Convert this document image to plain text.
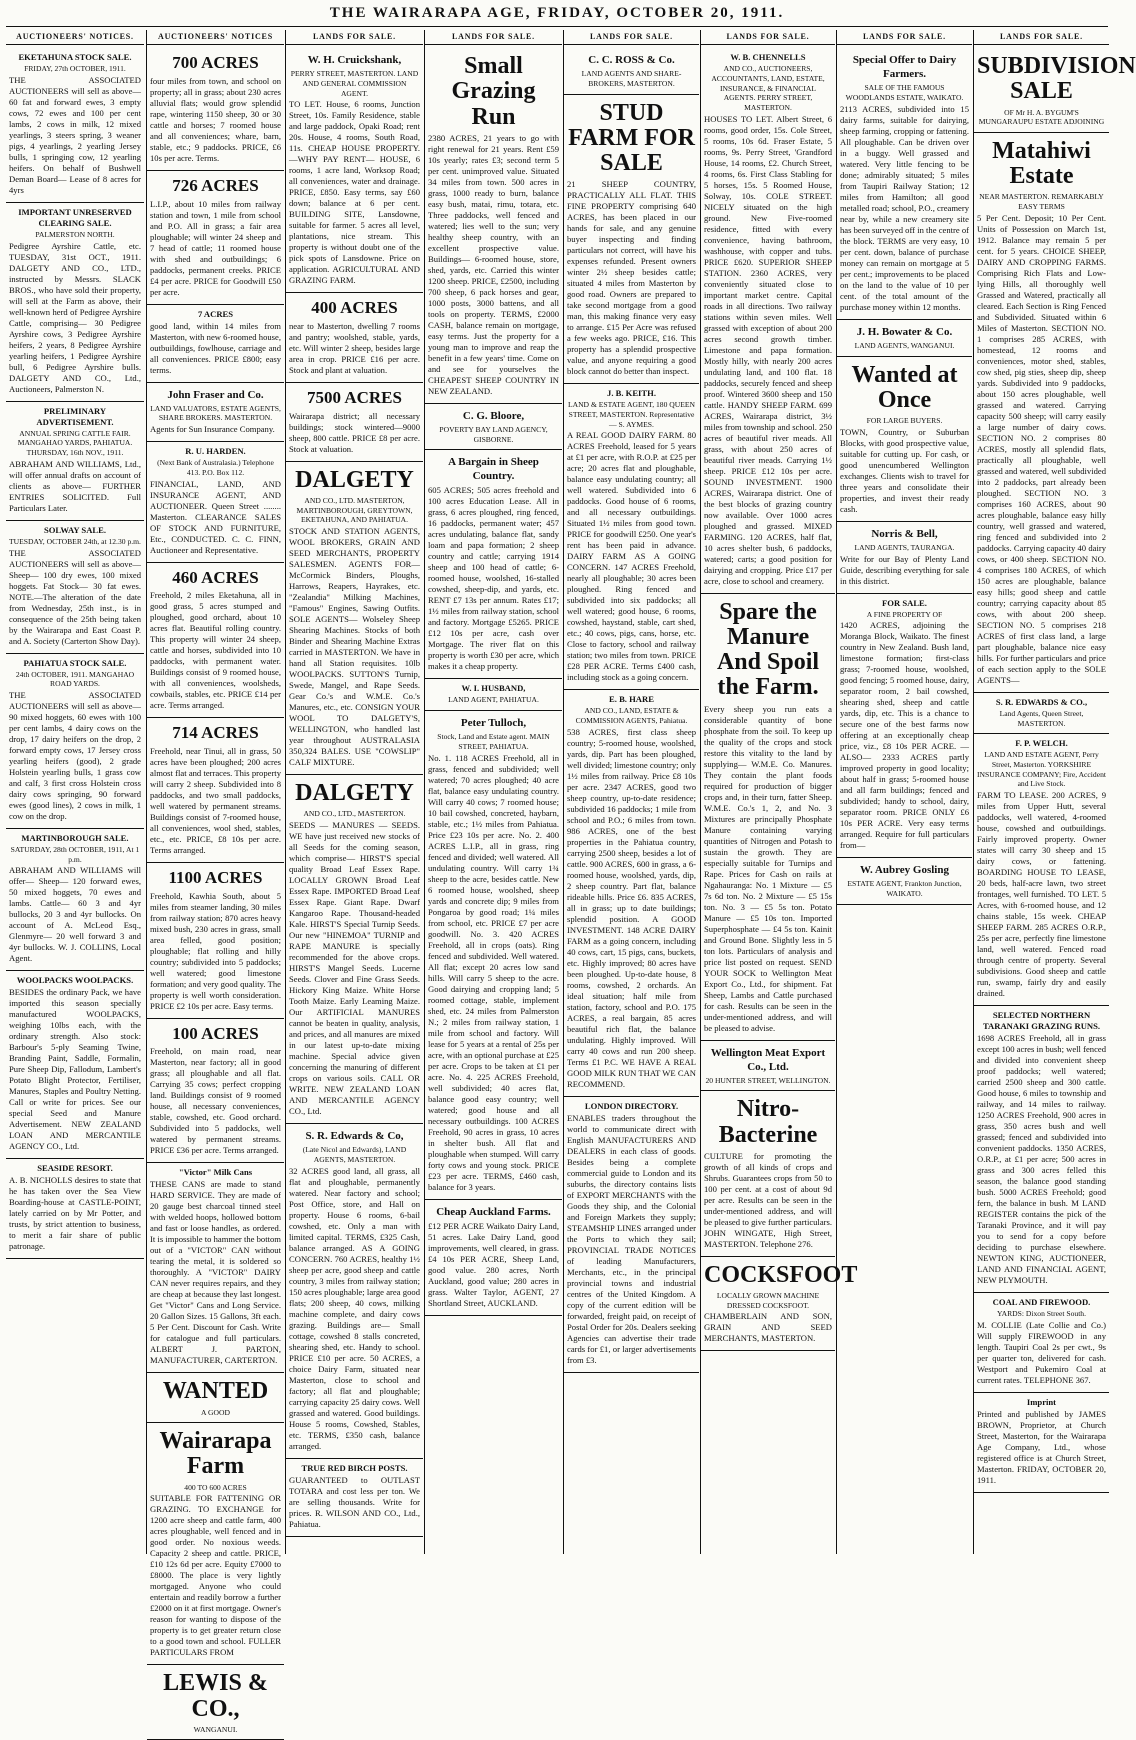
THE WAIRARAPA AGE, FRIDAY, OCTOBER 20, 1911.
AUCTIONEERS' NOTICES.
EKETAHUNA STOCK SALE.
FRIDAY, 27th OCTOBER, 1911.

THE ASSOCIATED AUCTIONEERS will sell as above— 60 fat and forward ewes, 3 empty cows, 72 ewes and 100 per cent lambs, 2 cows in milk, 12 mixed yearlings, 3 steers spring, 3 weaner pigs, 4 yearlings, 2 yearling Jersey bulls, 1 springing cow, 12 yearling heifers. On behalf of Bushwell Deman Board— Lease of 8 acres for 4yrs

IMPORTANT UNRESERVED CLEARING SALE.
PALMERSTON NORTH.

Pedigree Ayrshire Cattle, etc. TUESDAY, 31st OCT., 1911. DALGETY AND CO., LTD., instructed by Messrs. SLACK BROS., who have sold their property, will sell at the Farm as above, their well-known herd of Pedigree Ayrshire Cattle, comprising— 30 Pedigree Ayrshire cows, 3 Pedigree Ayrshire heifers, 2 years, 8 Pedigree Ayrshire yearling heifers, 1 Pedigree Ayrshire bull, 6 Pedigree Ayrshire bulls. DALGETY AND CO., Ltd., Auctioneers, Palmerston N.

PRELIMINARY ADVERTISEMENT.
ANNUAL SPRING CATTLE FAIR. MANGAHAO YARDS, PAHIATUA. THURSDAY, 16th NOV., 1911.

ABRAHAM AND WILLIAMS, Ltd., will offer annual drafts on account of clients as above— FURTHER ENTRIES SOLICITED. Full Particulars Later.

SOLWAY SALE.
TUESDAY, OCTOBER 24th, at 12.30 p.m.

THE ASSOCIATED AUCTIONEERS will sell as above— Sheep— 100 dry ewes, 100 mixed hoggets. Fat Stock— 30 fat ewes. NOTE.—The alteration of the date from Wednesday, 25th inst., is in consequence of the 25th being taken by the Wairarapa and East Coast P. and A. Society (Carterton Show Day).

PAHIATUA STOCK SALE.
24th OCTOBER, 1911. MANGAHAO ROAD YARDS.

THE ASSOCIATED AUCTIONEERS will sell as above— 90 mixed hoggets, 60 ewes with 100 per cent lambs, 4 dairy cows on the drop, 17 dairy heifers on the drop, 2 forward empty cows, 17 Jersey cross yearling heifers (good), 2 grade Holstein yearling bulls, 1 grass cow and calf, 3 first cross Holstein cross dairy cows springing, 90 forward ewes (good lines), 2 cows in milk, 1 cow on the drop.

MARTINBOROUGH SALE.
SATURDAY, 28th OCTOBER, 1911, At 1 p.m.

ABRAHAM AND WILLIAMS will offer— Sheep— 120 forward ewes, 50 mixed hoggets, 70 ewes and lambs. Cattle— 60 3 and 4yr bullocks, 20 3 and 4yr bullocks. On account of A. McLeod Esq., Glenmyre— 20 well forward 3 and 4yr bullocks. W. J. COLLINS, Local Agent.

WOOLPACKS WOOLPACKS.

BESIDES the ordinary Pack, we have imported this season specially manufactured WOOLPACKS, weighing 10lbs each, with the ordinary strength. Also stock: Barbour's 5-ply Seaming Twine, Branding Paint, Saddle, Formalin, Pure Sheep Dip, Fallodum, Lambert's Potato Blight Protector, Fertiliser, Manures, Staples and Poultry Netting. Call or write for prices. See our special Seed and Manure Advertisement. NEW ZEALAND LOAN AND MERCANTILE AGENCY CO., Ltd.

SEASIDE RESORT.

A. B. NICHOLLS desires to state that he has taken over the Sea View Boarding-house at CASTLE-POINT, lately carried on by Mr Potter, and trusts, by strict attention to business, to merit a fair share of public patronage.

AUCTIONEERS' NOTICES
700 ACRES

four miles from town, and school on property; all in grass; about 230 acres alluvial flats; would grow splendid rape, wintering 1150 sheep, 30 or 30 cattle and horses; 7 roomed house and all conveniences; whare, barn, stable, etc.; 9 paddocks. PRICE, £6 10s per acre. Terms.

726 ACRES

L.I.P., about 10 miles from railway station and town, 1 mile from school and P.O. All in grass; a fair area ploughable; will winter 24 sheep and 7 head of cattle; 11 roomed house with shed and outbuildings; 6 paddocks, permanent creeks. PRICE £4 per acre. PRICE for Goodwill £50 per acre.

7 ACRES

good land, within 14 miles from Masterton, with new 6-roomed house, outbuildings, fowlhouse, carriage and all conveniences. PRICE £800; easy terms.

John Fraser and Co.
LAND VALUATORS, ESTATE AGENTS, SHARE BROKERS. MASTERTON.

Agents for Sun Insurance Company.

R. U. HARDEN.
(Next Bank of Australasia.) Telephone 413. P.O. Box 112.

FINANCIAL, LAND, AND INSURANCE AGENT, AND AUCTIONEER. Queen Street ........ Masterton. CLEARANCE SALES OF STOCK AND FURNITURE, Etc., CONDUCTED. C. C. FINN, Auctioneer and Representative.

460 ACRES

Freehold, 2 miles Eketahuna, all in good grass, 5 acres stumped and ploughed, good orchard, about 10 acres flat. Beautiful rolling country. This property will winter 24 sheep, cattle and horses, subdivided into 10 paddocks, with permanent water. Buildings consist of 9 roomed house, with all conveniences, woolsheds, cowbails, stables, etc. PRICE £14 per acre. Terms arranged.

714 ACRES

Freehold, near Tinui, all in grass, 50 acres have been ploughed; 200 acres almost flat and terraces. This property will carry 2 sheep. Subdivided into 8 paddocks, and two small paddocks, well watered by permanent streams. Buildings consist of 7-roomed house, all conveniences, wool shed, stables, etc., etc. PRICE, £8 10s per acre. Terms arranged.

1100 ACRES

Freehold, Kawhia South, about 5 miles from steamer landing, 30 miles from railway station; 870 acres heavy mixed bush, 230 acres in grass, small area felled, good position; ploughable; flat rolling and hilly country; subdivided into 5 paddocks; well watered; good limestone formation; and very good quality. The property is well worth consideration. PRICE £2 10s per acre. Easy terms.

100 ACRES

Freehold, on main road, near Masterton, near factory; all in good grass; all ploughable and all flat. Carrying 35 cows; perfect cropping land. Buildings consist of 9 roomed house, all necessary conveniences, stable, cowshed, etc. Good orchard. Subdivided into 5 paddocks, well watered by permanent streams. PRICE £36 per acre. Terms arranged.

"Victor" Milk Cans

THESE CANS are made to stand HARD SERVICE. They are made of 20 gauge best charcoal tinned steel with welded hoops, hollowed bottom and fast or loose handles, as ordered. It is impossible to hammer the bottom out of a "VICTOR" CAN without tearing the metal, it is soldered so thoroughly. A "VICTOR" DAIRY CAN never requires repairs, and they are cheap at because they last longest. Get "Victor" Cans and Long Service. 20 Gallon Sizes. 15 Gallons, 3ft each. 5 Per Cent. Discount for Cash. Write for catalogue and full particulars. ALBERT J. PARTON, MANUFACTURER, CARTERTON.

WANTED
A GOOD
Wairarapa Farm
400 TO 600 ACRES

SUITABLE FOR FATTENING OR GRAZING. TO EXCHANGE for 1200 acre sheep and cattle farm, 400 acres ploughable, well fenced and in good order. No noxious weeds. Capacity 2 sheep and cattle. PRICE, £10 12s 6d per acre. Equity £7000 to £8000. The place is very lightly mortgaged. Anyone who could entertain and readily borrow a further £2000 on it at first mortgage. Owner's reason for wanting to dispose of the property is to get greater return close to a good town and school. FULLER PARTICULARS FROM

LEWIS & CO.,
WANGANUI.
LANDS FOR SALE.
W. H. Cruickshank,
PERRY STREET, MASTERTON. LAND AND GENERAL COMMISSION AGENT.

TO LET. House, 6 rooms, Junction Street, 10s. Family Residence, stable and large paddock, Opaki Road; rent 20s. House, 4 rooms, South Road, 11s. CHEAP HOUSE PROPERTY. —WHY PAY RENT— HOUSE, 6 rooms, 1 acre land, Worksop Road; all conveniences, water and drainage. PRICE, £850. Easy terms, say £60 down; balance at 6 per cent. BUILDING SITE, Lansdowne, suitable for farmer. 5 acres all level, plantations, nice stream. This property is without doubt one of the pick spots of Lansdowne. Price on application. AGRICULTURAL AND GRAZING FARM.

400 ACRES

near to Masterton, dwelling 7 rooms and pantry; woolshed, stable, yards, etc. Will winter 2 sheep, besides large area in crop. PRICE £16 per acre. Stock and plant at valuation.

7500 ACRES

Wairarapa district; all necessary buildings; stock wintered—9000 sheep, 800 cattle. PRICE £8 per acre. Stock at valuation.

DALGETY
AND CO., LTD. MASTERTON, MARTINBOROUGH, GREYTOWN, EKETAHUNA, AND PAHIATUA.

STOCK AND STATION AGENTS, WOOL BROKERS, GRAIN AND SEED MERCHANTS, PROPERTY SALESMEN. AGENTS FOR— McCormick Binders, Ploughs, Harrows, Reapers, Hayrakes, etc. "Zealandia" Milking Machines, "Famous" Engines, Sawing Outfits. SOLE AGENTS— Wolseley Sheep Shearing Machines. Stocks of both Binder and Shearing Machine Extras carried in MASTERTON. We have in hand all Station requisites. 10lb WOOLPACKS. SUTTON'S Turnip, Swede, Mangel, and Rape Seeds. Gear Co.'s and W.M.E. Co.'s Manures, etc., etc. CONSIGN YOUR WOOL TO DALGETY'S, WELLINGTON, who handled last year throughout AUSTRALASIA 350,324 BALES. USE "COWSLIP" CALF MIXTURE.

DALGETY
AND CO., LTD., MASTERTON.

SEEDS — MANURES — SEEDS. WE have just received new stocks of all Seeds for the coming season, which comprise— HIRST'S special quality Broad Leaf Essex Rape. LOCALLY GROWN Broad Leaf Essex Rape. IMPORTED Broad Leaf Essex Rape. Giant Rape. Dwarf Kangaroo Rape. Thousand-headed Kale. HIRST'S Special Turnip Seeds. Our new "HINEMOA" TURNIP and RAPE MANURE is specially recommended for the above crops. HIRST'S Mangel Seeds. Lucerne Seeds. Clover and Fine Grass Seeds. Hickory King Maize. White Horse Tooth Maize. Early Leaming Maize. Our ARTIFICIAL MANURES cannot be beaten in quality, analysis, and prices, and all manures are mixed in our latest up-to-date mixing machine. Special advice given concerning the manuring of different crops on various soils. CALL OR WRITE. NEW ZEALAND LOAN AND MERCANTILE AGENCY CO., Ltd.

S. R. Edwards & Co,
(Late Nicol and Edwards), LAND AGENTS, MASTERTON.

32 ACRES good land, all grass, all flat and ploughable, permanently watered. Near factory and school; Post Office, store, and Hall on property. House 6 rooms, 6-bail cowshed, etc. Only a man with limited capital. TERMS, £325 Cash, balance arranged. AS A GOING CONCERN. 760 ACRES, healthy 1½ sheep per acre, good sheep and cattle country, 3 miles from railway station; 150 acres ploughable; large area good flats; 200 sheep, 40 cows, milking machine complete, and dairy cows grazing. Buildings are— Small cottage, cowshed 8 stalls concreted, shearing shed, etc. Handy to school. PRICE £10 per acre. 50 ACRES, a choice Dairy Farm, situated near Masterton, close to school and factory; all flat and ploughable; carrying capacity 25 dairy cows. Well grassed and watered. Good buildings. House 5 rooms, Cowshed, Stables, etc. TERMS, £350 cash, balance arranged.

TRUE RED BIRCH POSTS.

GUARANTEED to OUTLAST TOTARA and cost less per ton. We are selling thousands. Write for prices. R. WILSON AND CO., Ltd., Pahiatua.

LANDS FOR SALE.
Small Grazing Run

2380 ACRES, 21 years to go with right renewal for 21 years. Rent £59 10s yearly; rates £3; second term 5 per cent. unimproved value. Situated 34 miles from town. 500 acres in grass, 1000 ready to burn, balance easy bush, matai, rimu, totara, etc. Three paddocks, well fenced and watered; lies well to the sun; very healthy sheep country, with an excellent prospective value. Buildings— 6-roomed house, store, shed, yards, etc. Carried this winter 1200 sheep. PRICE, £2500, including 700 sheep, 6 pack horses and gear, 1000 posts, 3000 battens, and all tools on property. TERMS, £2000 CASH, balance remain on mortgage, easy terms. Just the property for a young man to improve and reap the benefit in a few years' time. Come on and see for yourselves the CHEAPEST SHEEP COUNTRY IN NEW ZEALAND.

C. G. Bloore,
POVERTY BAY LAND AGENCY, GISBORNE.
A Bargain in Sheep Country.

605 ACRES; 505 acres freehold and 100 acres Education Lease. All in grass, 6 acres ploughed, ring fenced, 16 paddocks, permanent water; 457 acres undulating, balance flat, sandy loam and papa formation; 2 sheep country and cattle; carrying 1914 sheep and 100 head of cattle; 6-roomed house, woolshed, 16-stalled cowshed, sheep-dip, and yards, etc. RENT £7 13s per annum. Rates £17; 1½ miles from railway station, school and factory. Mortgage £5265. PRICE £12 10s per acre, cash over Mortgage. The river flat on this property is worth £30 per acre, which makes it a cheap property.

W. I. HUSBAND,
LAND AGENT, PAHIATUA.
Peter Tulloch,
Stock, Land and Estate agent. MAIN STREET, PAHIATUA.

No. 1. 118 ACRES Freehold, all in grass, fenced and subdivided; well watered; 70 acres ploughed; 40 acre flat, balance easy undulating country. Will carry 40 cows; 7 roomed house; 10 bail cowshed, concreted, haybarn, stable, etc.; 1½ miles from Pahiatua. Price £23 10s per acre. No. 2. 400 ACRES L.I.P., all in grass, ring fenced and divided; well watered. All undulating country. Will carry 1¾ sheep to the acre, besides cattle. New 6 roomed house, woolshed, sheep yards and concrete dip; 9 miles from Pongaroa by good road; 1¼ miles from school, etc. PRICE £7 per acre goodwill. No. 3. 420 ACRES Freehold, all in crops (oats). Ring fenced and subdivided. Well watered. All flat; except 20 acres low sand hills. Will carry 5 sheep to the acre. Good dairying and cropping land; 5 roomed cottage, stable, implement shed, etc. 24 miles from Palmerston N.; 2 miles from railway station, 1 mile from school and factory. Will lease for 5 years at a rental of 25s per acre, with an optional purchase at £25 per acre. Crops to be taken at £1 per acre. No. 4. 225 ACRES Freehold, well subdivided; 40 acres flat, balance good easy country; well watered; good house and all necessary outbuildings. 100 ACRES Freehold, 90 acres in grass, 10 acres in shelter bush. All flat and ploughable when stumped. Will carry forty cows and young stock. PRICE £23 per acre. TERMS, £460 cash, balance for 3 years.

Cheap Auckland Farms.

£12 PER ACRE Waikato Dairy Land, 51 acres. Lake Dairy Land, good improvements, well cleared, in grass. £4 10s PER ACRE, Sheep Land, good value. 280 acres, North Auckland, good value; 280 acres in grass. Walter Taylor, AGENT, 27 Shortland Street, AUCKLAND.

LANDS FOR SALE.
C. C. ROSS & Co.
LAND AGENTS AND SHARE-BROKERS, MASTERTON.
STUD FARM FOR SALE

21 SHEEP COUNTRY, PRACTICALLY ALL FLAT. THIS FINE PROPERTY comprising 640 ACRES, has been placed in our hands for sale, and any genuine buyer inspecting and finding particulars not correct, will have his expenses refunded. Present owners winter 2½ sheep besides cattle; situated 4 miles from Masterton by good road. Owners are prepared to take second mortgage from a good man, this making finance very easy to arrange. £15 Per Acre was refused a few weeks ago. PRICE, £16. This property has a splendid prospective value, and anyone requiring a good block cannot do better than inspect.

J. B. KEITH.
LAND & ESTATE AGENT, 180 QUEEN STREET, MASTERTON. Representative— S. AYMES.

A REAL GOOD DAIRY FARM. 80 ACRES Freehold, leased for 5 years at £1 per acre, with R.O.P. at £25 per acre; 20 acres flat and ploughable, balance easy undulating country; all well watered. Subdivided into 6 paddocks. Good house of 6 rooms, and all necessary outbuildings. Situated 1½ miles from good town. PRICE for goodwill £250. One year's rent has been paid in advance. DAIRY FARM AS A GOING CONCERN. 147 ACRES Freehold, nearly all ploughable; 30 acres been ploughed. Ring fenced and subdivided into six paddocks; all well watered; good house, 6 rooms, cowshed, haystand, stable, cart shed, etc.; 40 cows, pigs, cans, horse, etc. Close to factory, school and railway station; two miles from town. PRICE £28 PER ACRE. Terms £400 cash, including stock as a going concern.

E. B. HARE
AND CO., LAND, ESTATE & COMMISSION AGENTS, Pahiatua.

538 ACRES, first class sheep country; 5-roomed house, woolshed, yards, dip. Part has been ploughed, well divided; limestone country; only 1½ miles from railway. Price £8 10s per acre. 2347 ACRES, good two sheep country, up-to-date residence; subdivided 16 paddocks; 1 mile from school and P.O.; 6 miles from town. 986 ACRES, one of the best properties in the Pahiatua country, carrying 2500 sheep, besides a lot of cattle. 900 ACRES, 600 in grass, a 6-roomed house, woolshed, yards, dip, 2 sheep country. Part flat, balance rideable hills. Price £6. 835 ACRES, all in grass; up to date buildings; splendid position. A GOOD INVESTMENT. 148 ACRE DAIRY FARM as a going concern, including 40 cows, cart, 15 pigs, cans, buckets, etc. Highly improved; 80 acres have been ploughed. Up-to-date house, 8 rooms, cowshed, 2 orchards. An ideal situation; half mile from station, factory, school and P.O. 175 ACRES, a real bargain, 85 acres beautiful rich flat, the balance undulating. Highly improved. Will carry 40 cows and run 200 sheep. Terms £1 P.C. WE HAVE A REAL GOOD MILK RUN THAT WE CAN RECOMMEND.

LONDON DIRECTORY.

ENABLES traders throughout the world to communicate direct with English MANUFACTURERS AND DEALERS in each class of goods. Besides being a complete commercial guide to London and its suburbs, the directory contains lists of EXPORT MERCHANTS with the Goods they ship, and the Colonial and Foreign Markets they supply; STEAMSHIP LINES arranged under the Ports to which they sail; PROVINCIAL TRADE NOTICES of leading Manufacturers, Merchants, etc., in the principal provincial towns and industrial centres of the United Kingdom. A copy of the current edition will be forwarded, freight paid, on receipt of Postal Order for 20s. Dealers seeking Agencies can advertise their trade cards for £1, or larger advertisements from £3.

LANDS FOR SALE.
W. B. CHENNELLS
AND CO., AUCTIONEERS, ACCOUNTANTS, LAND, ESTATE, INSURANCE, & FINANCIAL AGENTS. PERRY STREET, MASTERTON.

HOUSES TO LET. Albert Street, 6 rooms, good order, 15s. Cole Street, 5 rooms, 10s 6d. Fraser Estate, 5 rooms, 9s. Perry Street, 'Grandford House, 14 rooms, £2. Church Street, 4 rooms, 6s. First Class Stabling for 5 horses, 15s. 5 Roomed House, Solway, 10s. COLE STREET. NICELY situated on the high ground. New Five-roomed residence, fitted with every convenience, having bathroom, washhouse, with copper and tubs. PRICE £620. SUPERIOR SHEEP STATION. 2360 ACRES, very conveniently situated close to important market centre. Capital roads in all directions. Two railway stations within seven miles. Well grassed with exception of about 200 acres second growth timber. Limestone and papa formation. Mostly hilly, with nearly 200 acres undulating land, and 100 flat. 18 paddocks, securely fenced and sheep proof. Wintered 3600 sheep and 150 cattle. HANDY SHEEP FARM. 699 ACRES, Wairarapa district, 3½ miles from township and school. 250 acres of beautiful river meads. All grass, with about 250 acres of beautiful river meads. Carrying 1½ sheep. PRICE £12 10s per acre. SOUND INVESTMENT. 1900 ACRES, Wairarapa district. One of the best blocks of grazing country now available. Over 1000 acres ploughed and grassed. MIXED FARMING. 120 ACRES, half flat, 10 acres shelter bush, 6 paddocks, watered; carts; a good position for dairying and cropping. Price £17 per acre, close to school and creamery.

Spare the Manure And Spoil the Farm.

Every sheep you run eats a considerable quantity of bone phosphate from the soil. To keep up the quality of the crops and stock restore this vitality to the land by supplying— W.M.E. Co. Manures. They contain the plant foods required for production of bigger crops and, in their turn, fatter Sheep. W.M.E. Co.'s 1, 2, and No. 3 Mixtures are principally Phosphate Manure containing varying quantities of Nitrogen and Potash to sustain the growth. They are especially suitable for Turnips and Rape. Prices for Cash on rails at Ngahauranga: No. 1 Mixture — £5 7s 6d ton. No. 2 Mixture — £5 15s ton. No. 3 — £5 5s ton. Potato Manure — £5 10s ton. Imported Superphosphate — £4 5s ton. Kainit and Ground Bone. Slightly less in 5 ton lots. Particulars of analysis and price list posted on request. SEND YOUR SOCK to Wellington Meat Export Co., Ltd., for shipment. Fat Sheep, Lambs and Cattle purchased for cash. Results can be seen in the under-mentioned address, and will be pleased to advise.

Wellington Meat Export Co., Ltd.
20 HUNTER STREET, WELLINGTON.
Nitro-Bacterine

CULTURE for promoting the growth of all kinds of crops and Shrubs. Guarantees crops from 50 to 100 per cent. at a cost of about 9d per acre. Results can be seen in the under-mentioned address, and will be pleased to give further particulars. JOHN WINGATE, High Street, MASTERTON. Telephone 276.

COCKSFOOT
LOCALLY GROWN MACHINE DRESSED COCKSFOOT.

CHAMBERLAIN AND SON, GRAIN AND SEED MERCHANTS, MASTERTON.

LANDS FOR SALE.
Special Offer to Dairy Farmers.
SALE OF THE FAMOUS WOODLANDS ESTATE, WAIKATO.

2113 ACRES, subdivided into 15 dairy farms, suitable for dairying, sheep farming, cropping or fattening. All ploughable. Can be driven over in a buggy. Well grassed and watered. Very little fencing to be done; admirably situated; 5 miles from Taupiri Railway Station; 12 miles from Hamilton; all good metalled road; school, P.O., creamery near by, while a new creamery site has been surveyed off in the centre of the block. TERMS are very easy, 10 per cent. down, balance of purchase money can remain on mortgage at 5 per cent.; improvements to be placed on the land to the value of 10 per cent. of the total amount of the purchase money within 12 months.

J. H. Bowater & Co.
LAND AGENTS, WANGANUI.
Wanted at Once
FOR LARGE BUYERS.

TOWN, Country, or Suburban Blocks, with good prospective value, suitable for cutting up. For cash, or good unencumbered Wellington exchanges. Clients wish to travel for three years and consolidate their properties, and invest their ready cash.

Norris & Bell,
LAND AGENTS, TAURANGA.

Write for our Bay of Plenty Land Guide, describing everything for sale in this district.

FOR SALE.
A FINE PROPERTY OF

1420 ACRES, adjoining the Moranga Block, Waikato. The finest country in New Zealand. Bush land, limestone formation; first-class grass; 7-roomed house, woolshed, good fencing; 5 roomed house, dairy, separator room, 2 bail cowshed, shearing shed, sheep and cattle yards, dip, etc. This is a chance to secure one of the best farms now offering at an exceptionally cheap price, viz., £8 10s PER ACRE. —ALSO— 2333 ACRES partly improved property in good locality; about half in grass; 5-roomed house and all farm buildings; fenced and subdivided; handy to school, dairy, separator room. PRICE ONLY £6 10s PER ACRE. Very easy terms arranged. Require for full particulars from—

W. Aubrey Gosling
ESTATE AGENT, Frankton Junction, WAIKATO.
LANDS FOR SALE.
SUBDIVISION SALE
OF Mr H. A. BYGUM'S MUNGARAUPU ESTATE ADJOINING
Matahiwi Estate
NEAR MASTERTON. REMARKABLY EASY TERMS

5 Per Cent. Deposit; 10 Per Cent. Units of Possession on March 1st, 1912. Balance may remain 5 per cent. for 5 years. CHOICE SHEEP, DAIRY AND CROPPING FARMS. Comprising Rich Flats and Low-lying Hills, all thoroughly well Grassed and Watered, practically all cleared. Each Section is Ring Fenced and Subdivided. Situated within 6 Miles of Masterton. SECTION NO. 1 comprises 285 ACRES, with homestead, 12 rooms and conveniences, motor shed, stables, cow shed, pig sties, sheep dip, sheep yards. Subdivided into 9 paddocks, about 150 acres ploughable, well grassed and watered. Carrying capacity 500 sheep; will carry easily a large number of dairy cows. SECTION NO. 2 comprises 80 ACRES, mostly all splendid flats, practically all ploughable, well grassed and watered, well subdivided into 2 paddocks, part already been ploughed. SECTION NO. 3 comprises 160 ACRES, about 90 acres ploughable, balance easy hilly country, well grassed and watered, ring fenced and subdivided into 2 paddocks. Carrying capacity 40 dairy cows, or 400 sheep. SECTION NO. 4 comprises 180 ACRES, of which 150 acres are ploughable, balance easy hills; good sheep and cattle country; carrying capacity about 85 cows, with about 200 sheep. SECTION NO. 5 comprises 218 ACRES of first class land, a large part ploughable, balance nice easy hills. For further particulars and price of each section apply to the SOLE AGENTS—

S. R. EDWARDS & CO.,
Land Agents, Queen Street, MASTERTON.
F. P. WELCH.
LAND AND ESTATE AGENT, Perry Street, Masterton. YORKSHIRE INSURANCE COMPANY; Fire, Accident and Live Stock.

FARM TO LEASE. 200 ACRES, 9 miles from Upper Hutt, several paddocks, well watered, 4-roomed house, cowshed and outbuildings. Fairly improved property. Owner states will carry 30 sheep and 15 dairy cows, or fattening. BOARDING HOUSE TO LEASE, 20 beds, half-acre lawn, two street frontages, well furnished. TO LET. 5 Acres, with 6-roomed house, and 12 chains stable, 15s week. CHEAP SHEEP FARM. 285 ACRES O.R.P., 25s per acre, perfectly fine limestone land, well watered. Fenced road through centre of property. Several subdivisions. Good sheep and cattle run, swamp, fairly dry and easily drained.

SELECTED NORTHERN TARANAKI GRAZING RUNS.

1698 ACRES Freehold, all in grass except 100 acres in bush; well fenced and divided into convenient sheep proof paddocks; well watered; carried 2500 sheep and 300 cattle. Good house, 6 miles to township and railway, and 14 miles to railway. 1250 ACRES Freehold, 900 acres in grass, 350 acres bush and well grassed; fenced and subdivided into convenient paddocks. 1350 ACRES, O.R.P., at £1 per acre; 500 acres in grass and 300 acres felled this season, the balance good standing bush. 5000 ACRES Freehold; good fern, the balance in bush. M LAND REGISTER contains the pick of the Taranaki Province, and it will pay you to send for a copy before deciding to purchase elsewhere. NEWTON KING, AUCTIONEER, LAND AND FINANCIAL AGENT, NEW PLYMOUTH.

COAL AND FIREWOOD.
YARDS: Dixon Street South.

M. COLLIE (Late Collie and Co.) Will supply FIREWOOD in any length. Taupiri Coal 2s per cwt., 9s per quarter ton, delivered for cash. Westport and Pukemiro Coal at current rates. TELEPHONE 367.

Imprint

Printed and published by JAMES BROWN, Proprietor, at Church Street, Masterton, for the Wairarapa Age Company, Ltd., whose registered office is at Church Street, Masterton. FRIDAY, OCTOBER 20, 1911.
